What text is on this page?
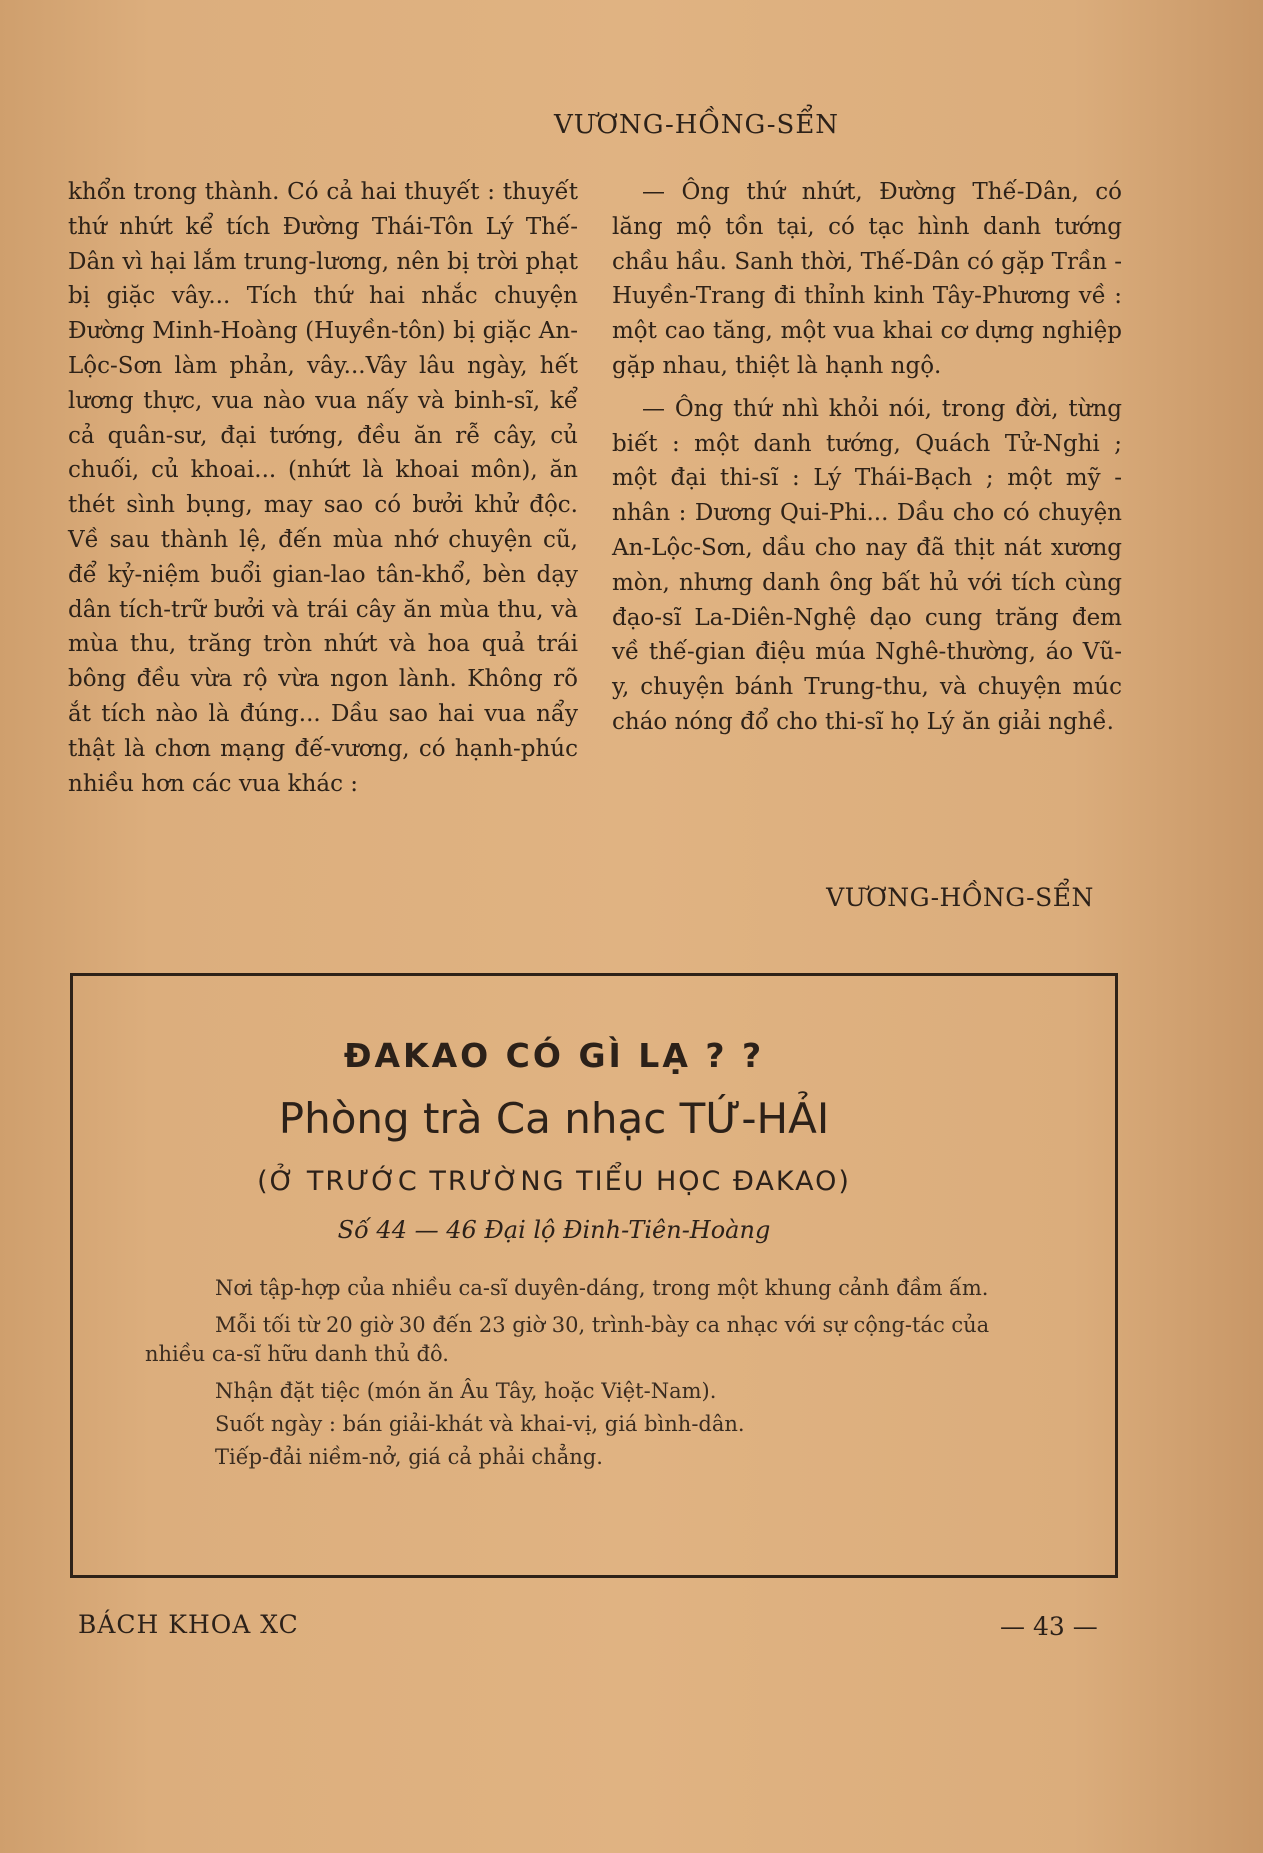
VƯƠNG-HỒNG-SỂN

khổn trong thành. Có cả hai thuyết : thuyết thứ nhứt kể tích Đường Thái-Tôn Lý Thế-Dân vì hại lắm trung-lương, nên bị trời phạt bị giặc vây... Tích thứ hai nhắc chuyện Đường Minh-Hoàng (Huyền-tôn) bị giặc An-Lộc-Sơn làm phản, vây...Vây lâu ngày, hết lương thực, vua nào vua nấy và binh-sĩ, kể cả quân-sư, đại tướng, đều ăn rễ cây, củ chuối, củ khoai... (nhứt là khoai môn), ăn thét sình bụng, may sao có bưởi khử độc. Về sau thành lệ, đến mùa nhớ chuyện cũ, để kỷ-niệm buổi gian-lao tân-khổ, bèn dạy dân tích-trữ bưởi và trái cây ăn mùa thu, và mùa thu, trăng tròn nhứt và hoa quả trái bông đều vừa rộ vừa ngon lành. Không rõ ắt tích nào là đúng... Dầu sao hai vua nẩy thật là chơn mạng đế-vương, có hạnh-phúc nhiều hơn các vua khác :

— Ông thứ nhứt, Đường Thế-Dân, có lăng mộ tồn tại, có tạc hình danh tướng chầu hầu. Sanh thời, Thế-Dân có gặp Trần - Huyền-Trang đi thỉnh kinh Tây-Phương về : một cao tăng, một vua khai cơ dựng nghiệp gặp nhau, thiệt là hạnh ngộ.

— Ông thứ nhì khỏi nói, trong đời, từng biết : một danh tướng, Quách Tử-Nghi ; một đại thi-sĩ : Lý Thái-Bạch ; một mỹ - nhân : Dương Qui-Phi... Dầu cho có chuyện An-Lộc-Sơn, dầu cho nay đã thịt nát xương mòn, nhưng danh ông bất hủ với tích cùng đạo-sĩ La-Diên-Nghệ dạo cung trăng đem về thế-gian điệu múa Nghê-thường, áo Vũ-y, chuyện bánh Trung-thu, và chuyện múc cháo nóng đổ cho thi-sĩ họ Lý ăn giải nghề.

VƯƠNG-HỒNG-SỂN
ĐAKAO CÓ GÌ LẠ ? ?
Phòng trà Ca nhạc TỨ-HẢI
(Ở TRƯỚC TRƯỜNG TIỂU HỌC ĐAKAO)
Số 44 — 46 Đại lộ Đinh-Tiên-Hoàng

Nơi tập-hợp của nhiều ca-sĩ duyên-dáng, trong một khung cảnh đầm ấm.

Mỗi tối từ 20 giờ 30 đến 23 giờ 30, trình-bày ca nhạc với sự cộng-tác của nhiều ca-sĩ hữu danh thủ đô.

Nhận đặt tiệc (món ăn Âu Tây, hoặc Việt-Nam).

Suốt ngày : bán giải-khát và khai-vị, giá bình-dân.

Tiếp-đải niềm-nở, giá cả phải chẳng.

BÁCH KHOA XC	— 43 —
